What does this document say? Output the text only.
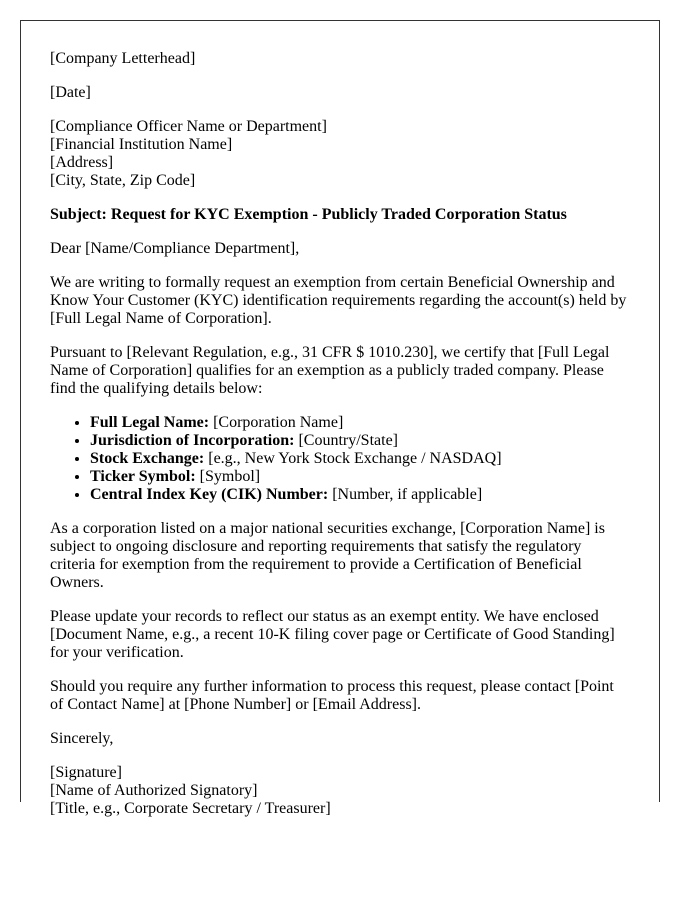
[Company Letterhead]

[Date]

[Compliance Officer Name or Department]
[Financial Institution Name]
[Address]
[City, State, Zip Code]

Subject: Request for KYC Exemption - Publicly Traded Corporation Status

Dear [Name/Compliance Department],

We are writing to formally request an exemption from certain Beneficial Ownership and Know Your Customer (KYC) identification requirements regarding the account(s) held by [Full Legal Name of Corporation].

Pursuant to [Relevant Regulation, e.g., 31 CFR $ 1010.230], we certify that [Full Legal Name of Corporation] qualifies for an exemption as a publicly traded company. Please find the qualifying details below:

• Full Legal Name: [Corporation Name]
• Jurisdiction of Incorporation: [Country/State]
• Stock Exchange: [e.g., New York Stock Exchange / NASDAQ]
• Ticker Symbol: [Symbol]
• Central Index Key (CIK) Number: [Number, if applicable]

As a corporation listed on a major national securities exchange, [Corporation Name] is subject to ongoing disclosure and reporting requirements that satisfy the regulatory criteria for exemption from the requirement to provide a Certification of Beneficial Owners.

Please update your records to reflect our status as an exempt entity. We have enclosed [Document Name, e.g., a recent 10-K filing cover page or Certificate of Good Standing] for your verification.

Should you require any further information to process this request, please contact [Point of Contact Name] at [Phone Number] or [Email Address].

Sincerely,

[Signature]
[Name of Authorized Signatory]
[Title, e.g., Corporate Secretary / Treasurer]
